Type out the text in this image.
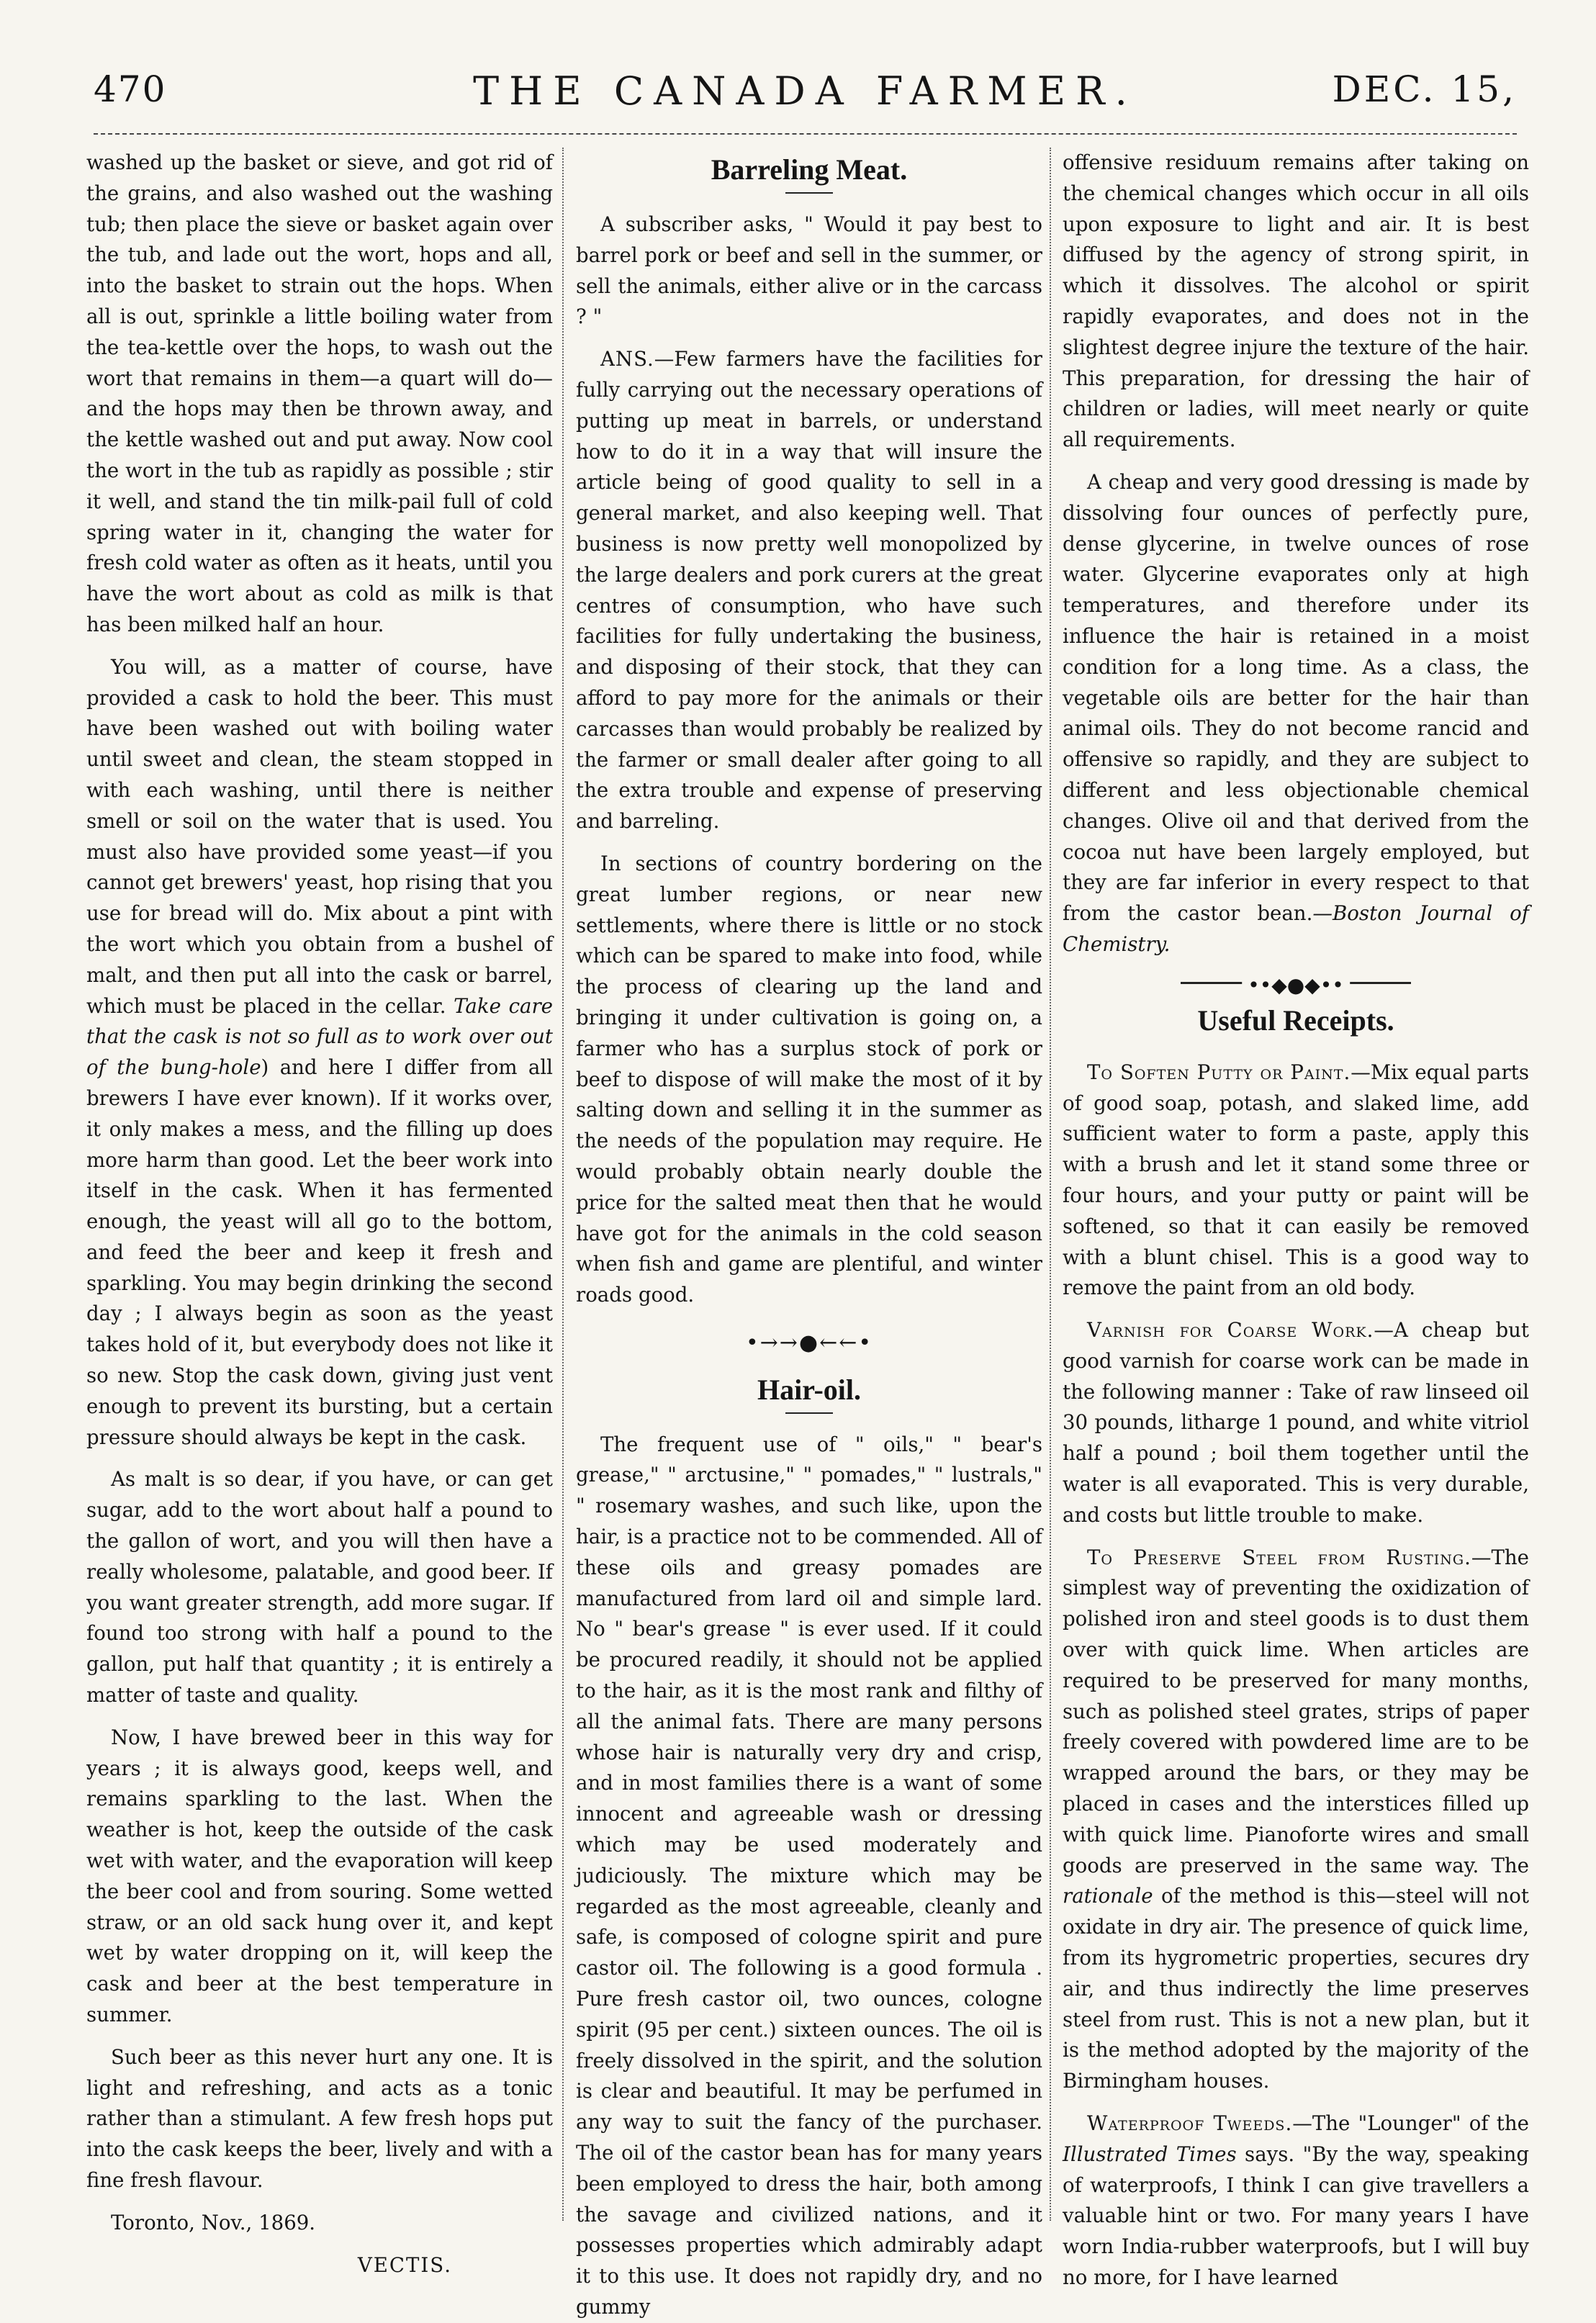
470	THE CANADA FARMER.	DEC. 15,

washed up the basket or sieve, and got rid of the grains, and also washed out the washing tub; then place the sieve or basket again over the tub, and lade out the wort, hops and all, into the basket to strain out the hops. When all is out, sprinkle a little boiling water from the tea-kettle over the hops, to wash out the wort that remains in them—a quart will do—and the hops may then be thrown away, and the kettle washed out and put away. Now cool the wort in the tub as rapidly as possible ; stir it well, and stand the tin milk-pail full of cold spring water in it, changing the water for fresh cold water as often as it heats, until you have the wort about as cold as milk is that has been milked half an hour.

You will, as a matter of course, have provided a cask to hold the beer. This must have been washed out with boiling water until sweet and clean, the steam stopped in with each washing, until there is neither smell or soil on the water that is used. You must also have provided some yeast—if you cannot get brewers' yeast, hop rising that you use for bread will do. Mix about a pint with the wort which you obtain from a bushel of malt, and then put all into the cask or barrel, which must be placed in the cellar. Take care that the cask is not so full as to work over out of the bung-hole) and here I differ from all brewers I have ever known). If it works over, it only makes a mess, and the filling up does more harm than good. Let the beer work into itself in the cask. When it has fermented enough, the yeast will all go to the bottom, and feed the beer and keep it fresh and sparkling. You may begin drinking the second day ; I always begin as soon as the yeast takes hold of it, but everybody does not like it so new. Stop the cask down, giving just vent enough to prevent its bursting, but a certain pressure should always be kept in the cask.

As malt is so dear, if you have, or can get sugar, add to the wort about half a pound to the gallon of wort, and you will then have a really wholesome, palatable, and good beer. If you want greater strength, add more sugar. If found too strong with half a pound to the gallon, put half that quantity ; it is entirely a matter of taste and quality.

Now, I have brewed beer in this way for years ; it is always good, keeps well, and remains sparkling to the last. When the weather is hot, keep the outside of the cask wet with water, and the evaporation will keep the beer cool and from souring. Some wetted straw, or an old sack hung over it, and kept wet by water dropping on it, will keep the cask and beer at the best temperature in summer.

Such beer as this never hurt any one. It is light and refreshing, and acts as a tonic rather than a stimulant. A few fresh hops put into the cask keeps the beer, lively and with a fine fresh flavour.

Toronto, Nov., 1869.

VECTIS.

Barreling Meat.

A subscriber asks, " Would it pay best to barrel pork or beef and sell in the summer, or sell the animals, either alive or in the carcass ? "

ANS.—Few farmers have the facilities for fully carrying out the necessary operations of putting up meat in barrels, or understand how to do it in a way that will insure the article being of good quality to sell in a general market, and also keeping well. That business is now pretty well monopolized by the large dealers and pork curers at the great centres of consumption, who have such facilities for fully undertaking the business, and disposing of their stock, that they can afford to pay more for the animals or their carcasses than would probably be realized by the farmer or small dealer after going to all the extra trouble and expense of preserving and barreling.

In sections of country bordering on the great lumber regions, or near new settlements, where there is little or no stock which can be spared to make into food, while the process of clearing up the land and bringing it under cultivation is going on, a farmer who has a surplus stock of pork or beef to dispose of will make the most of it by salting down and selling it in the summer as the needs of the population may require. He would probably obtain nearly double the price for the salted meat then that he would have got for the animals in the cold season when fish and game are plentiful, and winter roads good.

•→→●←←•
Hair-oil.

The frequent use of " oils," " bear's grease," " arctusine," " pomades," " lustrals," " rosemary washes, and such like, upon the hair, is a practice not to be commended. All of these oils and greasy pomades are manufactured from lard oil and simple lard. No " bear's grease " is ever used. If it could be procured readily, it should not be applied to the hair, as it is the most rank and filthy of all the animal fats. There are many persons whose hair is naturally very dry and crisp, and in most families there is a want of some innocent and agreeable wash or dressing which may be used moderately and judiciously. The mixture which may be regarded as the most agreeable, cleanly and safe, is composed of cologne spirit and pure castor oil. The following is a good formula . Pure fresh castor oil, two ounces, cologne spirit (95 per cent.) sixteen ounces. The oil is freely dissolved in the spirit, and the solution is clear and beautiful. It may be perfumed in any way to suit the fancy of the purchaser. The oil of the castor bean has for many years been employed to dress the hair, both among the savage and civilized nations, and it possesses properties which admirably adapt it to this use. It does not rapidly dry, and no gummy

offensive residuum remains after taking on the chemical changes which occur in all oils upon exposure to light and air. It is best diffused by the agency of strong spirit, in which it dissolves. The alcohol or spirit rapidly evaporates, and does not in the slightest degree injure the texture of the hair. This preparation, for dressing the hair of children or ladies, will meet nearly or quite all requirements.

A cheap and very good dressing is made by dissolving four ounces of perfectly pure, dense glycerine, in twelve ounces of rose water. Glycerine evaporates only at high temperatures, and therefore under its influence the hair is retained in a moist condition for a long time. As a class, the vegetable oils are better for the hair than animal oils. They do not become rancid and offensive so rapidly, and they are subject to different and less objectionable chemical changes. Olive oil and that derived from the cocoa nut have been largely employed, but they are far inferior in every respect to that from the castor bean.—Boston Journal of Chemistry.

••◆●◆••
Useful Receipts.

To Soften Putty or Paint.—Mix equal parts of good soap, potash, and slaked lime, add sufficient water to form a paste, apply this with a brush and let it stand some three or four hours, and your putty or paint will be softened, so that it can easily be removed with a blunt chisel. This is a good way to remove the paint from an old body.

Varnish for Coarse Work.—A cheap but good varnish for coarse work can be made in the following manner : Take of raw linseed oil 30 pounds, litharge 1 pound, and white vitriol half a pound ; boil them together until the water is all evaporated. This is very durable, and costs but little trouble to make.

To Preserve Steel from Rusting.—The simplest way of preventing the oxidization of polished iron and steel goods is to dust them over with quick lime. When articles are required to be preserved for many months, such as polished steel grates, strips of paper freely covered with powdered lime are to be wrapped around the bars, or they may be placed in cases and the interstices filled up with quick lime. Pianoforte wires and small goods are preserved in the same way. The rationale of the method is this—steel will not oxidate in dry air. The presence of quick lime, from its hygrometric properties, secures dry air, and thus indirectly the lime preserves steel from rust. This is not a new plan, but it is the method adopted by the majority of the Birmingham houses.

Waterproof Tweeds.—The "Lounger" of the Illustrated Times says. "By the way, speaking of waterproofs, I think I can give travellers a valuable hint or two. For many years I have worn India-rubber waterproofs, but I will buy no more, for I have learned
